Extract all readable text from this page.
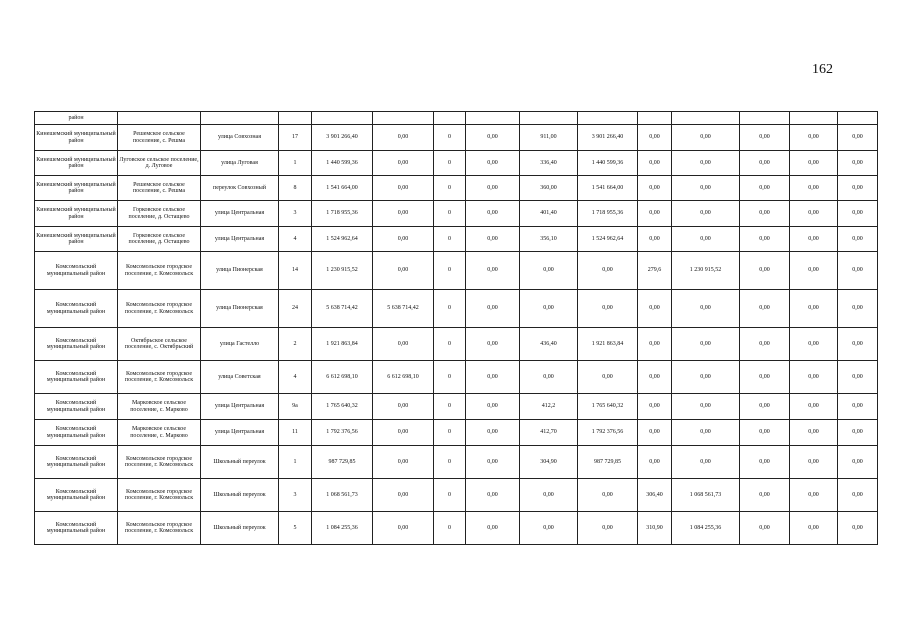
162
район														
Кинешемский муниципальный район	Решемское сельское поселение, с. Решма	улица Совхозная	17	3 901 266,40	0,00	0	0,00	911,00	3 901 266,40	0,00	0,00	0,00	0,00	0,00
Кинешемский муниципальный район	Луговское сельское поселение, д. Луговое	улица Луговая	1	1 440 599,36	0,00	0	0,00	336,40	1 440 599,36	0,00	0,00	0,00	0,00	0,00
Кинешемский муниципальный район	Решемское сельское поселение, с. Решма	переулок Совхозный	8	1 541 664,00	0,00	0	0,00	360,00	1 541 664,00	0,00	0,00	0,00	0,00	0,00
Кинешемский муниципальный район	Горковское сельское поселение, д. Остащево	улица Центральная	3	1 718 955,36	0,00	0	0,00	401,40	1 718 955,36	0,00	0,00	0,00	0,00	0,00
Кинешемский муниципальный район	Горковское сельское поселение, д. Остащево	улица Центральная	4	1 524 962,64	0,00	0	0,00	356,10	1 524 962,64	0,00	0,00	0,00	0,00	0,00
Комсомольский муниципальный район	Комсомольское городское поселение, г. Комсомольск	улица Пионерская	14	1 230 915,52	0,00	0	0,00	0,00	0,00	279,6	1 230 915,52	0,00	0,00	0,00
Комсомольский муниципальный район	Комсомольское городское поселение, г. Комсомольск	улица Пионерская	24	5 638 714,42	5 638 714,42	0	0,00	0,00	0,00	0,00	0,00	0,00	0,00	0,00
Комсомольский муниципальный район	Октябрьское сельское поселение, с. Октябрьский	улица Гастелло	2	1 921 863,84	0,00	0	0,00	436,40	1 921 863,84	0,00	0,00	0,00	0,00	0,00
Комсомольский муниципальный район	Комсомольское городское поселение, г. Комсомольск	улица Советская	4	6 612 698,10	6 612 698,10	0	0,00	0,00	0,00	0,00	0,00	0,00	0,00	0,00
Комсомольский муниципальный район	Марковское сельское поселение, с. Марково	улица Центральная	9а	1 765 640,32	0,00	0	0,00	412,2	1 765 640,32	0,00	0,00	0,00	0,00	0,00
Комсомольский муниципальный район	Марковское сельское поселение, с. Марково	улица Центральная	11	1 792 376,56	0,00	0	0,00	412,70	1 792 376,56	0,00	0,00	0,00	0,00	0,00
Комсомольский муниципальный район	Комсомольское городское поселение, г. Комсомольск	Школьный переулок	1	987 729,85	0,00	0	0,00	304,90	987 729,85	0,00	0,00	0,00	0,00	0,00
Комсомольский муниципальный район	Комсомольское городское поселение, г. Комсомольск	Школьный переулок	3	1 068 561,73	0,00	0	0,00	0,00	0,00	306,40	1 068 561,73	0,00	0,00	0,00
Комсомольский муниципальный район	Комсомольское городское поселение, г. Комсомольск	Школьный переулок	5	1 084 255,36	0,00	0	0,00	0,00	0,00	310,90	1 084 255,36	0,00	0,00	0,00
